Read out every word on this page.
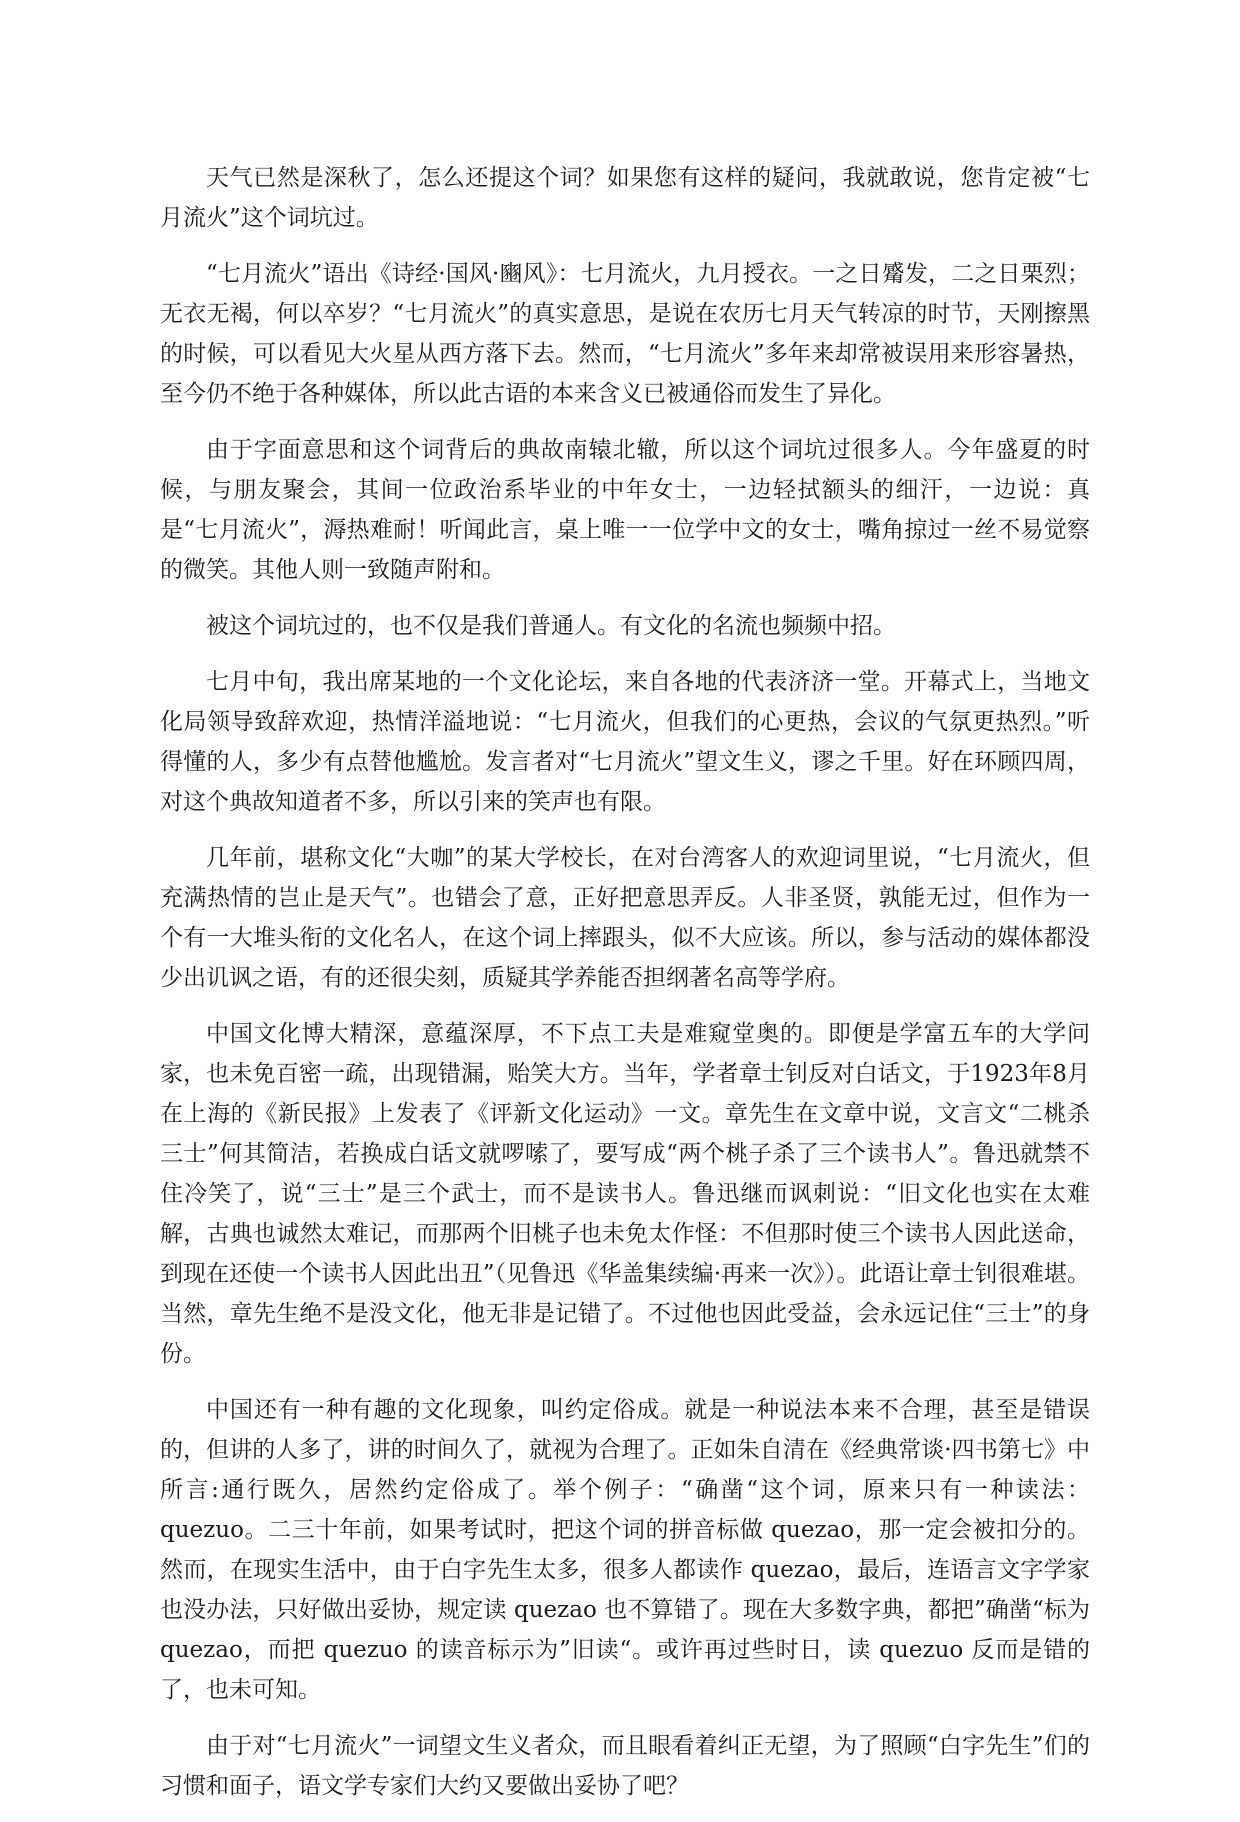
天气已然是深秋了，怎么还提这个词？如果您有这样的疑问，我就敢说，您肯定被“七月流火”这个词坑过。

“七月流火”语出《诗经·国风·豳风》：七月流火，九月授衣。一之日觱发，二之日栗烈；无衣无褐，何以卒岁？“七月流火”的真实意思，是说在农历七月天气转凉的时节，天刚擦黑的时候，可以看见大火星从西方落下去。然而，“七月流火”多年来却常被误用来形容暑热，至今仍不绝于各种媒体，所以此古语的本来含义已被通俗而发生了异化。

由于字面意思和这个词背后的典故南辕北辙，所以这个词坑过很多人。今年盛夏的时候，与朋友聚会，其间一位政治系毕业的中年女士，一边轻拭额头的细汗，一边说：真是“七月流火”，溽热难耐！听闻此言，桌上唯一一位学中文的女士，嘴角掠过一丝不易觉察的微笑。其他人则一致随声附和。

被这个词坑过的，也不仅是我们普通人。有文化的名流也频频中招。

七月中旬，我出席某地的一个文化论坛，来自各地的代表济济一堂。开幕式上，当地文化局领导致辞欢迎，热情洋溢地说：“七月流火，但我们的心更热，会议的气氛更热烈。”听得懂的人，多少有点替他尴尬。发言者对“七月流火”望文生义，谬之千里。好在环顾四周，对这个典故知道者不多，所以引来的笑声也有限。

几年前，堪称文化“大咖”的某大学校长，在对台湾客人的欢迎词里说，“七月流火，但充满热情的岂止是天气”。也错会了意，正好把意思弄反。人非圣贤，孰能无过，但作为一个有一大堆头衔的文化名人，在这个词上摔跟头，似不大应该。所以，参与活动的媒体都没少出讥讽之语，有的还很尖刻，质疑其学养能否担纲著名高等学府。

中国文化博大精深，意蕴深厚，不下点工夫是难窥堂奥的。即便是学富五车的大学问家，也未免百密一疏，出现错漏，贻笑大方。当年，学者章士钊反对白话文，于1923年8月在上海的《新民报》上发表了《评新文化运动》一文。章先生在文章中说，文言文“二桃杀三士”何其简洁，若换成白话文就啰嗦了，要写成“两个桃子杀了三个读书人”。鲁迅就禁不住冷笑了，说“三士”是三个武士，而不是读书人。鲁迅继而讽刺说：“旧文化也实在太难解，古典也诚然太难记，而那两个旧桃子也未免太作怪：不但那时使三个读书人因此送命，到现在还使一个读书人因此出丑”（见鲁迅《华盖集续编·再来一次》）。此语让章士钊很难堪。当然，章先生绝不是没文化，他无非是记错了。不过他也因此受益，会永远记住“三士”的身份。

中国还有一种有趣的文化现象，叫约定俗成。就是一种说法本来不合理，甚至是错误的，但讲的人多了，讲的时间久了，就视为合理了。正如朱自清在《经典常谈·四书第七》中所言:通行既久，居然约定俗成了。举个例子：“确凿“这个词，原来只有一种读法：quezuo。二三十年前，如果考试时，把这个词的拼音标做 quezao，那一定会被扣分的。然而，在现实生活中，由于白字先生太多，很多人都读作 quezao，最后，连语言文字学家也没办法，只好做出妥协，规定读 quezao 也不算错了。现在大多数字典，都把”确凿“标为 quezao，而把 quezuo 的读音标示为”旧读“。或许再过些时日，读 quezuo 反而是错的了，也未可知。

由于对“七月流火”一词望文生义者众，而且眼看着纠正无望，为了照顾“白字先生”们的习惯和面子，语文学专家们大约又要做出妥协了吧？
